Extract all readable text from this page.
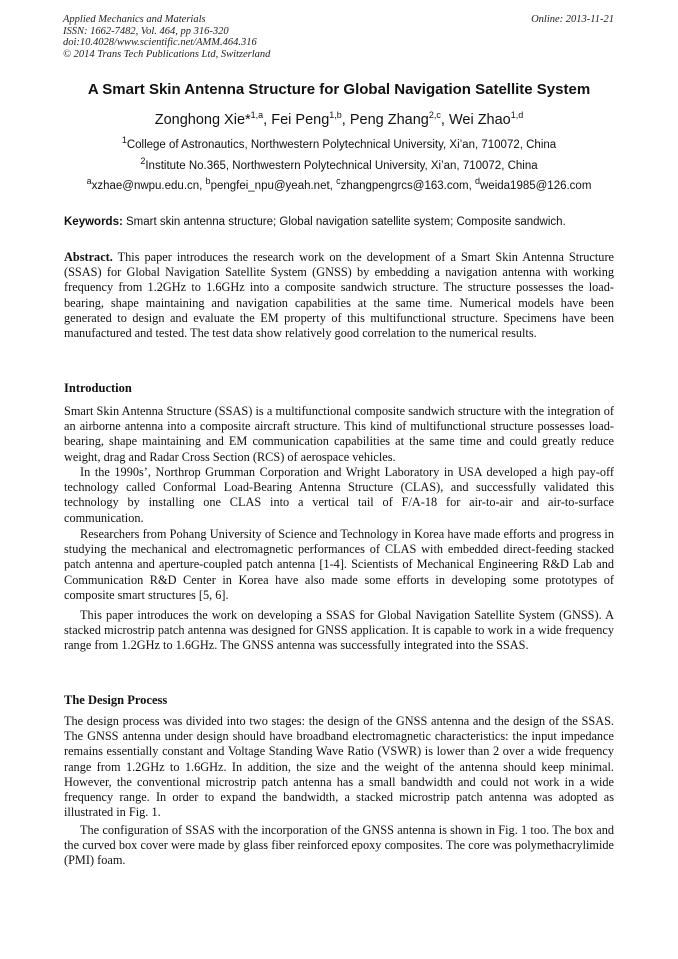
Applied Mechanics and Materials
ISSN: 1662-7482, Vol. 464, pp 316-320
doi:10.4028/www.scientific.net/AMM.464.316
© 2014 Trans Tech Publications Ltd, Switzerland
Online: 2013-11-21
A Smart Skin Antenna Structure for Global Navigation Satellite System
Zonghong Xie*$^{1,a}$, Fei Peng$^{1,b}$, Peng Zhang$^{2,c}$, Wei Zhao$^{1,d}$
$^1$College of Astronautics, Northwestern Polytechnical University, Xi’an, 710072, China
$^2$Institute No.365, Northwestern Polytechnical University, Xi’an, 710072, China
$^a$xzhae@nwpu.edu.cn, $^b$pengfei_npu@yeah.net, $^c$zhangpengrcs@163.com, $^d$weida1985@126.com
Keywords: Smart skin antenna structure; Global navigation satellite system; Composite sandwich.

Abstract. This paper introduces the research work on the development of a Smart Skin Antenna Structure (SSAS) for Global Navigation Satellite System (GNSS) by embedding a navigation antenna with working frequency from 1.2GHz to 1.6GHz into a composite sandwich structure. The structure possesses the load-bearing, shape maintaining and navigation capabilities at the same time. Numerical models have been generated to design and evaluate the EM property of this multifunctional structure. Specimens have been manufactured and tested. The test data show relatively good correlation to the numerical results.

Introduction

Smart Skin Antenna Structure (SSAS) is a multifunctional composite sandwich structure with the integration of an airborne antenna into a composite aircraft structure. This kind of multifunctional structure possesses load-bearing, shape maintaining and EM communication capabilities at the same time and could greatly reduce weight, drag and Radar Cross Section (RCS) of aerospace vehicles.

In the 1990s’, Northrop Grumman Corporation and Wright Laboratory in USA developed a high pay-off technology called Conformal Load-Bearing Antenna Structure (CLAS), and successfully validated this technology by installing one CLAS into a vertical tail of F/A-18 for air-to-air and air-to-surface communication.

Researchers from Pohang University of Science and Technology in Korea have made efforts and progress in studying the mechanical and electromagnetic performances of CLAS with embedded direct-feeding stacked patch antenna and aperture-coupled patch antenna [1-4]. Scientists of Mechanical Engineering R&D Lab and Communication R&D Center in Korea have also made some efforts in developing some prototypes of composite smart structures [5, 6].

This paper introduces the work on developing a SSAS for Global Navigation Satellite System (GNSS). A stacked microstrip patch antenna was designed for GNSS application. It is capable to work in a wide frequency range from 1.2GHz to 1.6GHz. The GNSS antenna was successfully integrated into the SSAS.

The Design Process

The design process was divided into two stages: the design of the GNSS antenna and the design of the SSAS. The GNSS antenna under design should have broadband electromagnetic characteristics: the input impedance remains essentially constant and Voltage Standing Wave Ratio (VSWR) is lower than 2 over a wide frequency range from 1.2GHz to 1.6GHz. In addition, the size and the weight of the antenna should keep minimal. However, the conventional microstrip patch antenna has a small bandwidth and could not work in a wide frequency range. In order to expand the bandwidth, a stacked microstrip patch antenna was adopted as illustrated in Fig. 1.

The configuration of SSAS with the incorporation of the GNSS antenna is shown in Fig. 1 too. The box and the curved box cover were made by glass fiber reinforced epoxy composites. The core was polymethacrylimide (PMI) foam.
